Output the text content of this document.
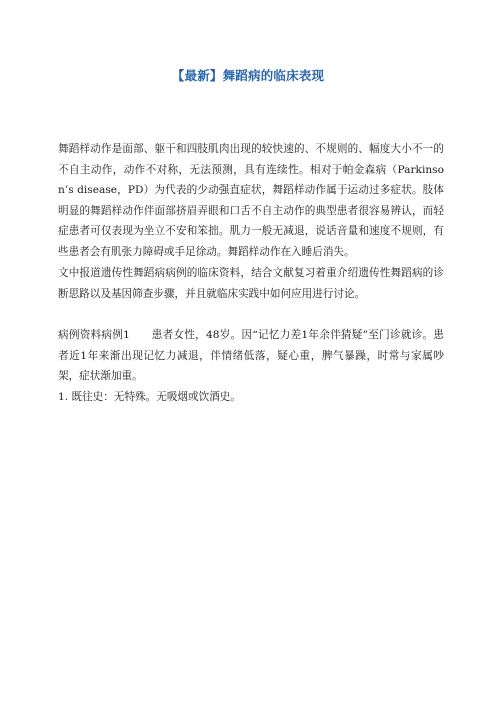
【最新】舞蹈病的临床表现

舞蹈样动作是面部、躯干和四肢肌肉出现的较快速的、不规则的、幅度大小不一的不自主动作，动作不对称，无法预测，具有连续性。相对于帕金森病（Parkinson’s disease，PD）为代表的少动强直症状，舞蹈样动作属于运动过多症状。肢体明显的舞蹈样动作伴面部挤眉弄眼和口舌不自主动作的典型患者很容易辨认，而轻症患者可仅表现为坐立不安和笨拙。肌力一般无减退，说话音量和速度不规则，有些患者会有肌张力障碍或手足徐动。舞蹈样动作在入睡后消失。

文中报道遗传性舞蹈病病例的临床资料，结合文献复习着重介绍遗传性舞蹈病的诊断思路以及基因筛查步骤，并且就临床实践中如何应用进行讨论。

病例资料病例1　　患者女性，48岁。因“记忆力差1年余伴猜疑”至门诊就诊。患者近1年来渐出现记忆力减退，伴情绪低落，疑心重，脾气暴躁，时常与家属吵架，症状渐加重。

1. 既往史：无特殊。无吸烟或饮酒史。
